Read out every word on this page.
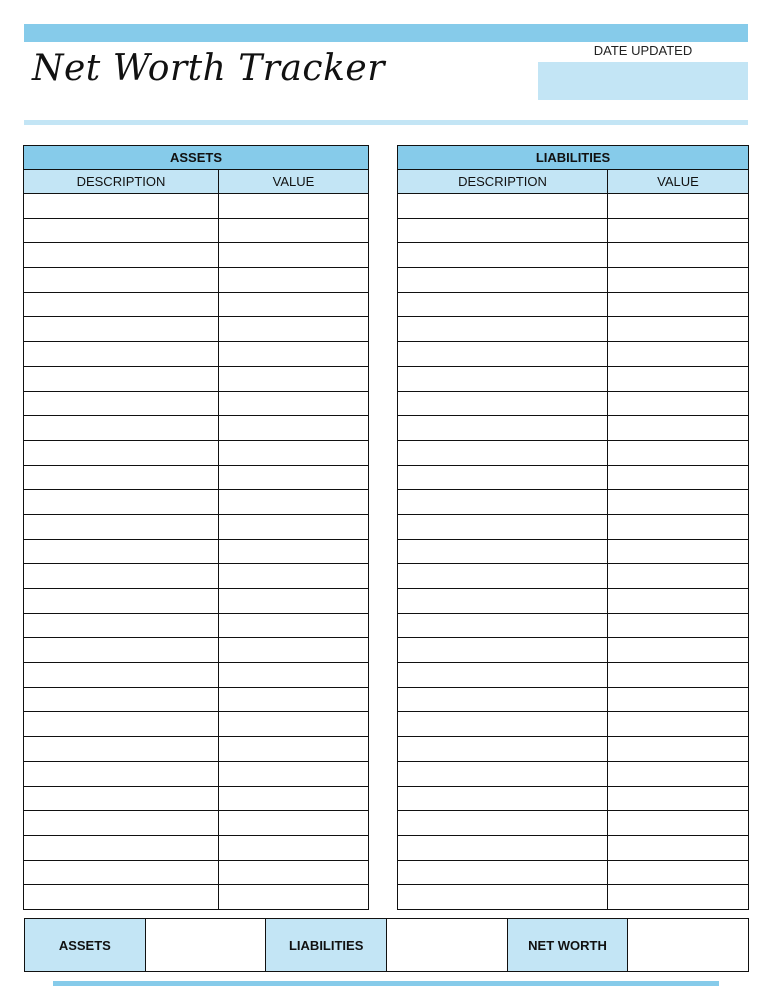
Net Worth Tracker	DATE UPDATED
ASSETS	
DESCRIPTION	VALUE

LIABILITIES	
DESCRIPTION	VALUE

ASSETS	LIABILITIES	NET WORTH
